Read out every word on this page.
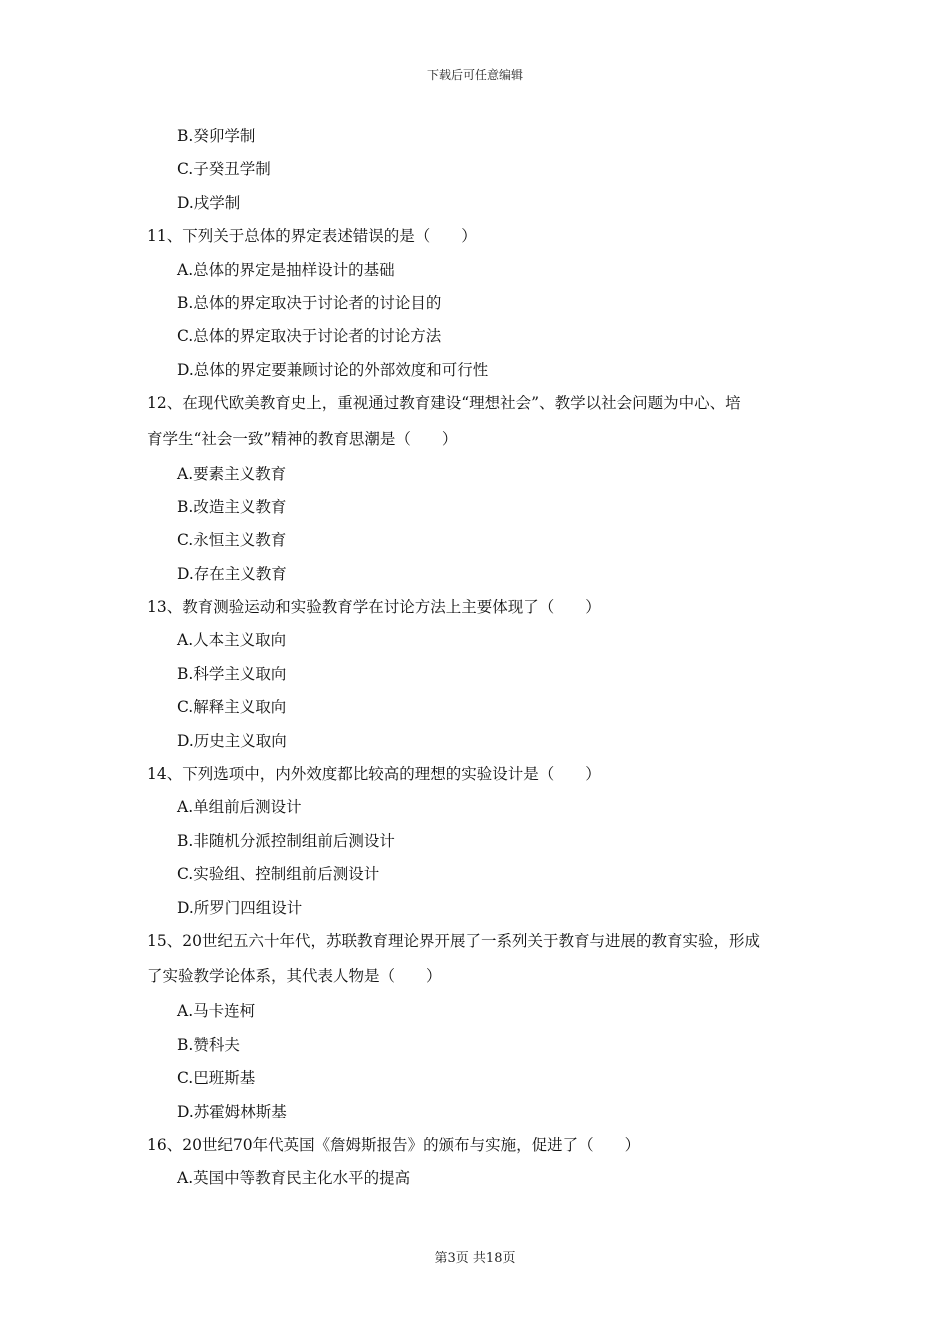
下载后可任意编辑
B.癸卯学制
C.子癸丑学制
D.戌学制
11、下列关于总体的界定表述错误的是（　　）
A.总体的界定是抽样设计的基础
B.总体的界定取决于讨论者的讨论目的
C.总体的界定取决于讨论者的讨论方法
D.总体的界定要兼顾讨论的外部效度和可行性
12、在现代欧美教育史上，重视通过教育建设“理想社会”、教学以社会问题为中心、培
育学生“社会一致”精神的教育思潮是（　　）
A.要素主义教育
B.改造主义教育
C.永恒主义教育
D.存在主义教育
13、教育测验运动和实验教育学在讨论方法上主要体现了（　　）
A.人本主义取向
B.科学主义取向
C.解释主义取向
D.历史主义取向
14、下列选项中，内外效度都比较高的理想的实验设计是（　　）
A.单组前后测设计
B.非随机分派控制组前后测设计
C.实验组、控制组前后测设计
D.所罗门四组设计
15、20世纪五六十年代，苏联教育理论界开展了一系列关于教育与进展的教育实验，形成
了实验教学论体系，其代表人物是（　　）
A.马卡连柯
B.赞科夫
C.巴班斯基
D.苏霍姆林斯基
16、20世纪70年代英国《詹姆斯报告》的颁布与实施，促进了（　　）
A.英国中等教育民主化水平的提高
第3页 共18页
